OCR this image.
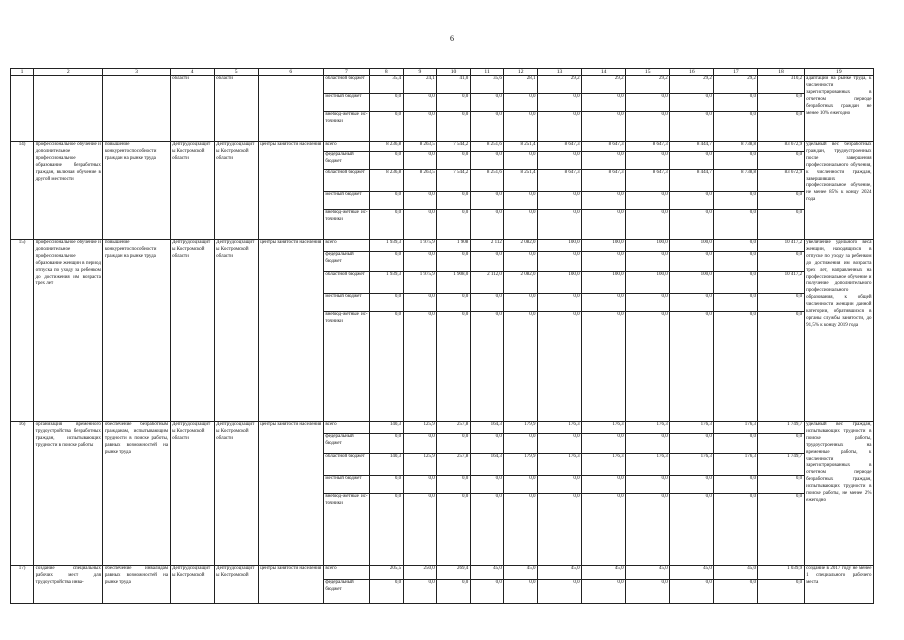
6
1	2	3	4	5	6	7	8	9	10	11	12	13	14	15	16	17	18	19
			области	области		областной бюджет	35,4	24,1	41,0	35,6	28,1	29,2	29,2	29,2	29,2	29,2	310,2	адаптации на рынке труда, к численности зарегистрированных в отчетном периоде безработных граждан не менее 10% ежегодно
						местный бюджет	0,0	0,0	0,0	0,0	0,0	0,0	0,0	0,0	0,0	0,0	0,0	
						внебюд-жетные ис-точники	0,0	0,0	0,0	0,0	0,0	0,0	0,0	0,0	0,0	0,0	0,0	
14)	профессиональное обучение и дополнительное профессиональное образование безработных граждан, включая обучение в другой местности	повышение конкурентоспособности граждан на рынке труда	Дептрудсоцзащиты Костромской области	Дептрудсоцзащиты Костромской области	центры занятости населения	всего	8 236,8	8 263,5	7 544,2	8 251,6	8 251,4	8 647,3	8 647,3	8 647,3	8 444,7	8 738,8	83 672,9	удельный вес безработных граждан, трудоустроенных после завершения профессионального обучения, к численности граждан, завершивших профессиональное обучение, не менее 85% к концу 2024 года
						федеральный бюджет	0,0	0,0	0,0	0,0	0,0	0,0	0,0	0,0	0,0	0,0	0,0	
						областной бюджет	8 236,8	8 263,5	7 544,2	8 251,6	8 251,4	8 647,3	8 647,3	8 647,3	8 444,7	8 738,8	83 672,9	
						местный бюджет	0,0	0,0	0,0	0,0	0,0	0,0	0,0	0,0	0,0	0,0	0,0	
						внебюд-жетные ис-точники	0,0	0,0	0,0	0,0	0,0	0,0	0,0	0,0	0,0	0,0	0,0	
15)	профессиональное обучение и дополнительное профессиональное образование женщин в период отпуска по уходу за ребенком до достижения им возраста трех лет	повышение конкурентоспособности граждан на рынке труда	Дептрудсоцзащиты Костромской области	Дептрудсоцзащиты Костромской области	центры занятости населения	всего	1 939,3	1 975,9	1 908	2 112	2 082,0	100,0	100,0	100,0	100,0	0,0	10 417,2	увеличение удельного веса женщин, находящихся в отпуске по уходу за ребенком до достижения им возраста трех лет, направленных на профессиональное обучение и получение дополнительного профессионального образования, к общей численности женщин данной категории, обратившихся в органы службы занятости, до 91,5% к концу 2019 года
						федеральный бюджет	0,0	0,0	0,0	0,0	0,0	0,0	0,0	0,0	0,0	0,0	0,0	
						областной бюджет	1 939,3	1 975,9	1 908,0	2 112,0	2 082,0	100,0	100,0	100,0	100,0	0,0	10 417,2	
						местный бюджет	0,0	0,0	0,0	0,0	0,0	0,0	0,0	0,0	0,0	0,0	0,0	
						внебюд-жетные ис-точники	0,0	0,0	0,0	0,0	0,0	0,0	0,0	0,0	0,0	0,0	0,0	
16)	организация временного трудоустройства безработных граждан, испытывающих трудности в поиске работы	обеспечение безработным гражданам, испытывающим трудности в поиске работы, равных возможностей на рынке труда	Дептрудсоцзащиты Костромской области	Дептрудсоцзащиты Костромской области	центры занятости населения	всего	140,3	125,9	257,8	164,3	179,9	176,3	176,3	176,3	176,3	176,3	1 749,7	удельный вес граждан, испытывающих трудности в поиске работы, трудоустроенных на временные работы, к численности зарегистрированных в отчетном периоде безработных граждан, испытывающих трудности в поиске работы, не менее 2% ежегодно
						федеральный бюджет	0,0	0,0	0,0	0,0	0,0	0,0	0,0	0,0	0,0	0,0	0,0	
						областной бюджет	140,3	125,9	257,8	164,3	179,9	176,3	176,3	176,3	176,3	176,3	1 749,7	
						местный бюджет	0,0	0,0	0,0	0,0	0,0	0,0	0,0	0,0	0,0	0,0	0,0	
						внебюд-жетные ис-точники	0,0	0,0	0,0	0,0	0,0	0,0	0,0	0,0	0,0	0,0	0,0	
17)	создание специальных рабочих мест для трудоустройства инва-	обеспечение инвалидам равных возможностей на рынке труда	Дептрудсоцзащиты Костромской	Дептрудсоцзащиты Костромской	центры занятости населения	всего	205,5	250,0	269,4	45,0	45,0	45,0	45,0	45,0	45,0	45,0	1 039,9	создание в 2017 году не менее 1 специального рабочего места
						федеральный бюджет	0,0	0,0	0,0	0,0	0,0	0,0	0,0	0,0	0,0	0,0	0,0	
